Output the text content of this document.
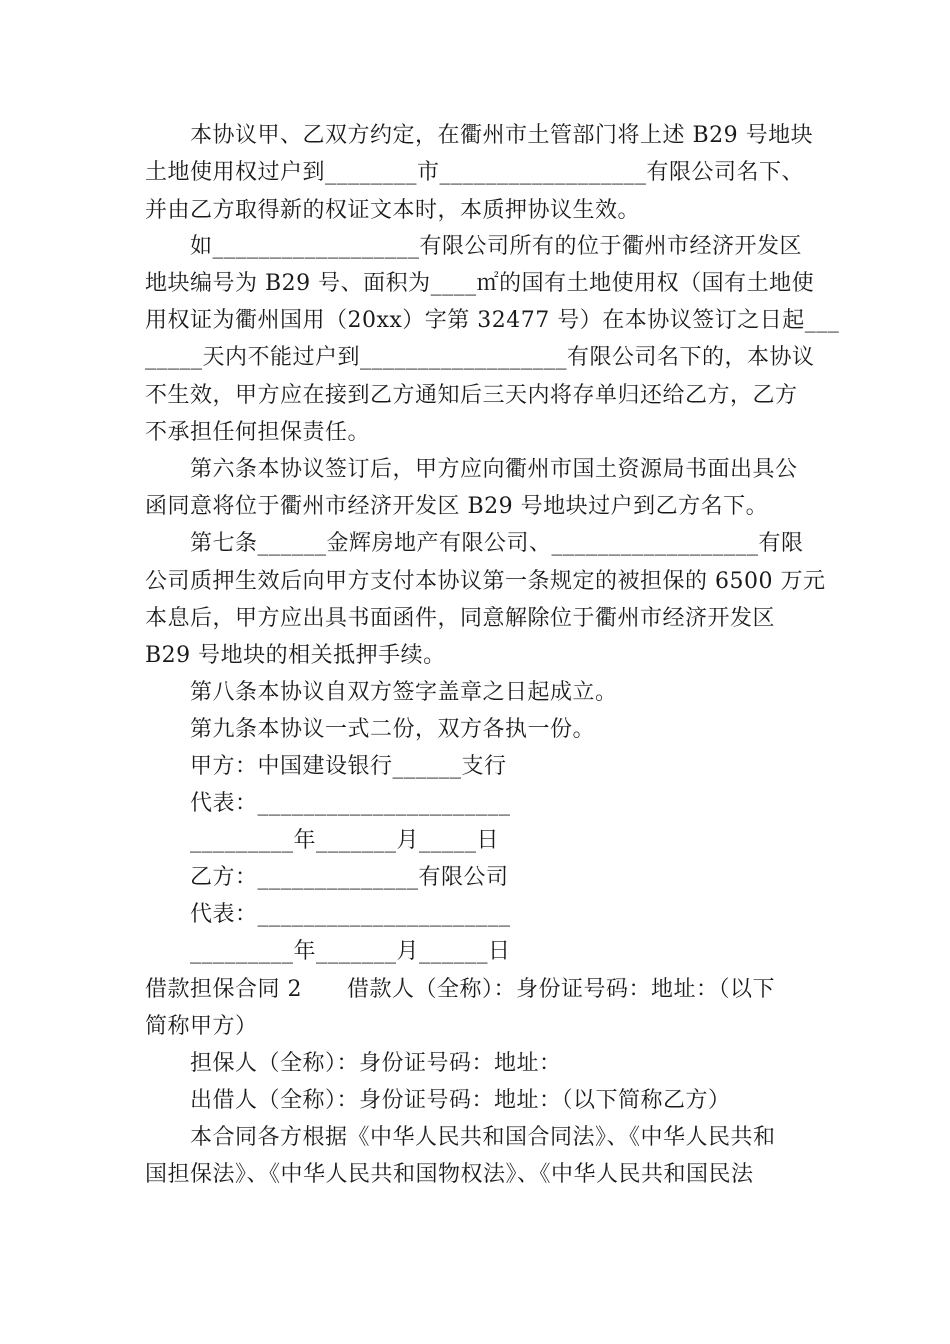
本协议甲、乙双方约定，在衢州市土管部门将上述 B29 号地块
土地使用权过户到________市__________________有限公司名下、
并由乙方取得新的权证文本时，本质押协议生效。
如__________________有限公司所有的位于衢州市经济开发区
地块编号为 B29 号、面积为____㎡的国有土地使用权（国有土地使
用权证为衢州国用（20xx）字第 32477 号）在本协议签订之日起___
_____天内不能过户到__________________有限公司名下的，本协议
不生效，甲方应在接到乙方通知后三天内将存单归还给乙方，乙方
不承担任何担保责任。
第六条本协议签订后，甲方应向衢州市国土资源局书面出具公
函同意将位于衢州市经济开发区 B29 号地块过户到乙方名下。
第七条______金辉房地产有限公司、__________________有限
公司质押生效后向甲方支付本协议第一条规定的被担保的 6500 万元
本息后，甲方应出具书面函件，同意解除位于衢州市经济开发区
B29 号地块的相关抵押手续。
第八条本协议自双方签字盖章之日起成立。
第九条本协议一式二份，双方各执一份。
甲方：中国建设银行______支行
代表：______________________
_________年_______月_____日
乙方：______________有限公司
代表：______________________
_________年_______月______日
借款担保合同 2　　借款人（全称）：身份证号码：地址：（以下
简称甲方）
担保人（全称）：身份证号码：地址：
出借人（全称）：身份证号码：地址：（以下简称乙方）
本合同各方根据《中华人民共和国合同法》、《中华人民共和
国担保法》、《中华人民共和国物权法》、《中华人民共和国民法
